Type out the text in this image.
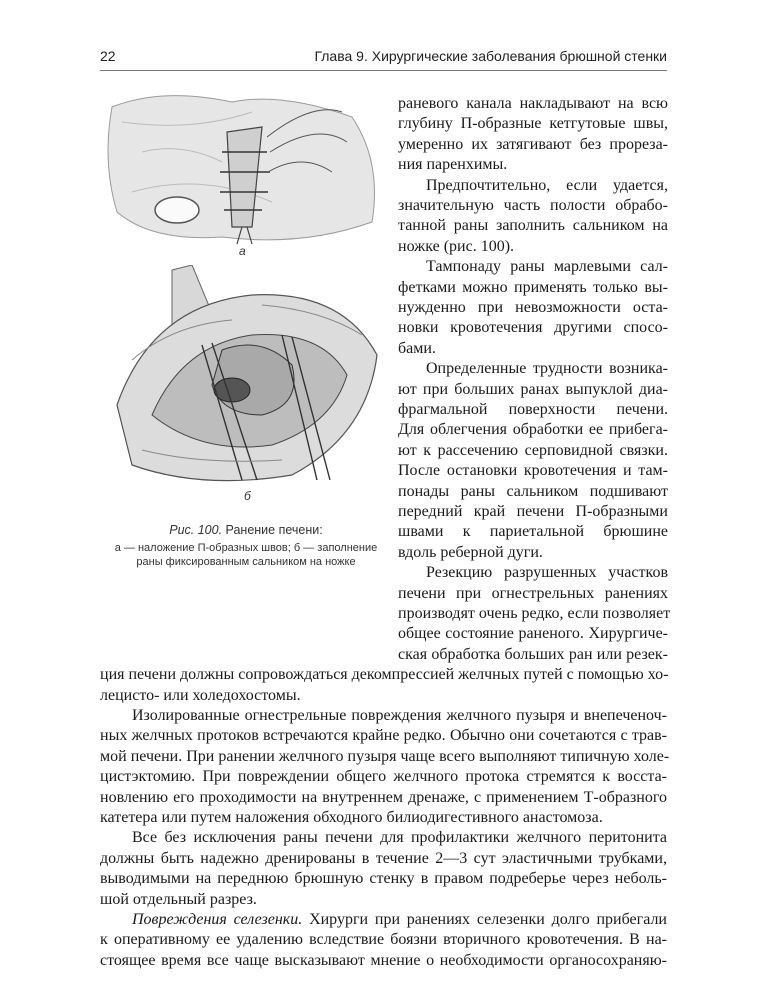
22	Глава 9. Хирургические заболевания брюшной стенки
а
б
Рис. 100. Ранение печени:
а — наложение П-образных швов; б — заполнение
раны фиксированным сальником на ножке
раневого канала накладывают на всю
глубину П-образные кетгутовые швы,
умеренно их затягивают без прореза-
ния паренхимы.
Предпочтительно, если удается,
значительную часть полости обрабо-
танной раны заполнить сальником на
ножке (рис. 100).
Тампонаду раны марлевыми сал-
фетками можно применять только вы-
нужденно при невозможности оста-
новки кровотечения другими спосо-
бами.
Определенные трудности возника-
ют при больших ранах выпуклой диа-
фрагмальной поверхности печени.
Для облегчения обработки ее прибега-
ют к рассечению серповидной связки.
После остановки кровотечения и там-
понады раны сальником подшивают
передний край печени П-образными
швами к париетальной брюшине
вдоль реберной дуги.
Резекцию разрушенных участков
печени при огнестрельных ранениях
производят очень редко, если позволяет
общее состояние раненого. Хирургиче-
ская обработка больших ран или резек-
ция печени должны сопровождаться декомпрессией желчных путей с помощью хо-
лецисто- или холедохостомы.
Изолированные огнестрельные повреждения желчного пузыря и внепеченоч-
ных желчных протоков встречаются крайне редко. Обычно они сочетаются с трав-
мой печени. При ранении желчного пузыря чаще всего выполняют типичную холе-
цистэктомию. При повреждении общего желчного протока стремятся к восста-
новлению его проходимости на внутреннем дренаже, с применением Т-образного
катетера или путем наложения обходного билиодигестивного анастомоза.
Все без исключения раны печени для профилактики желчного перитонита
должны быть надежно дренированы в течение 2—3 сут эластичными трубками,
выводимыми на переднюю брюшную стенку в правом подреберье через неболь-
шой отдельный разрез.
Повреждения селезенки. Хирурги при ранениях селезенки долго прибегали
к оперативному ее удалению вследствие боязни вторичного кровотечения. В на-
стоящее время все чаще высказывают мнение о необходимости органосохраняю-
